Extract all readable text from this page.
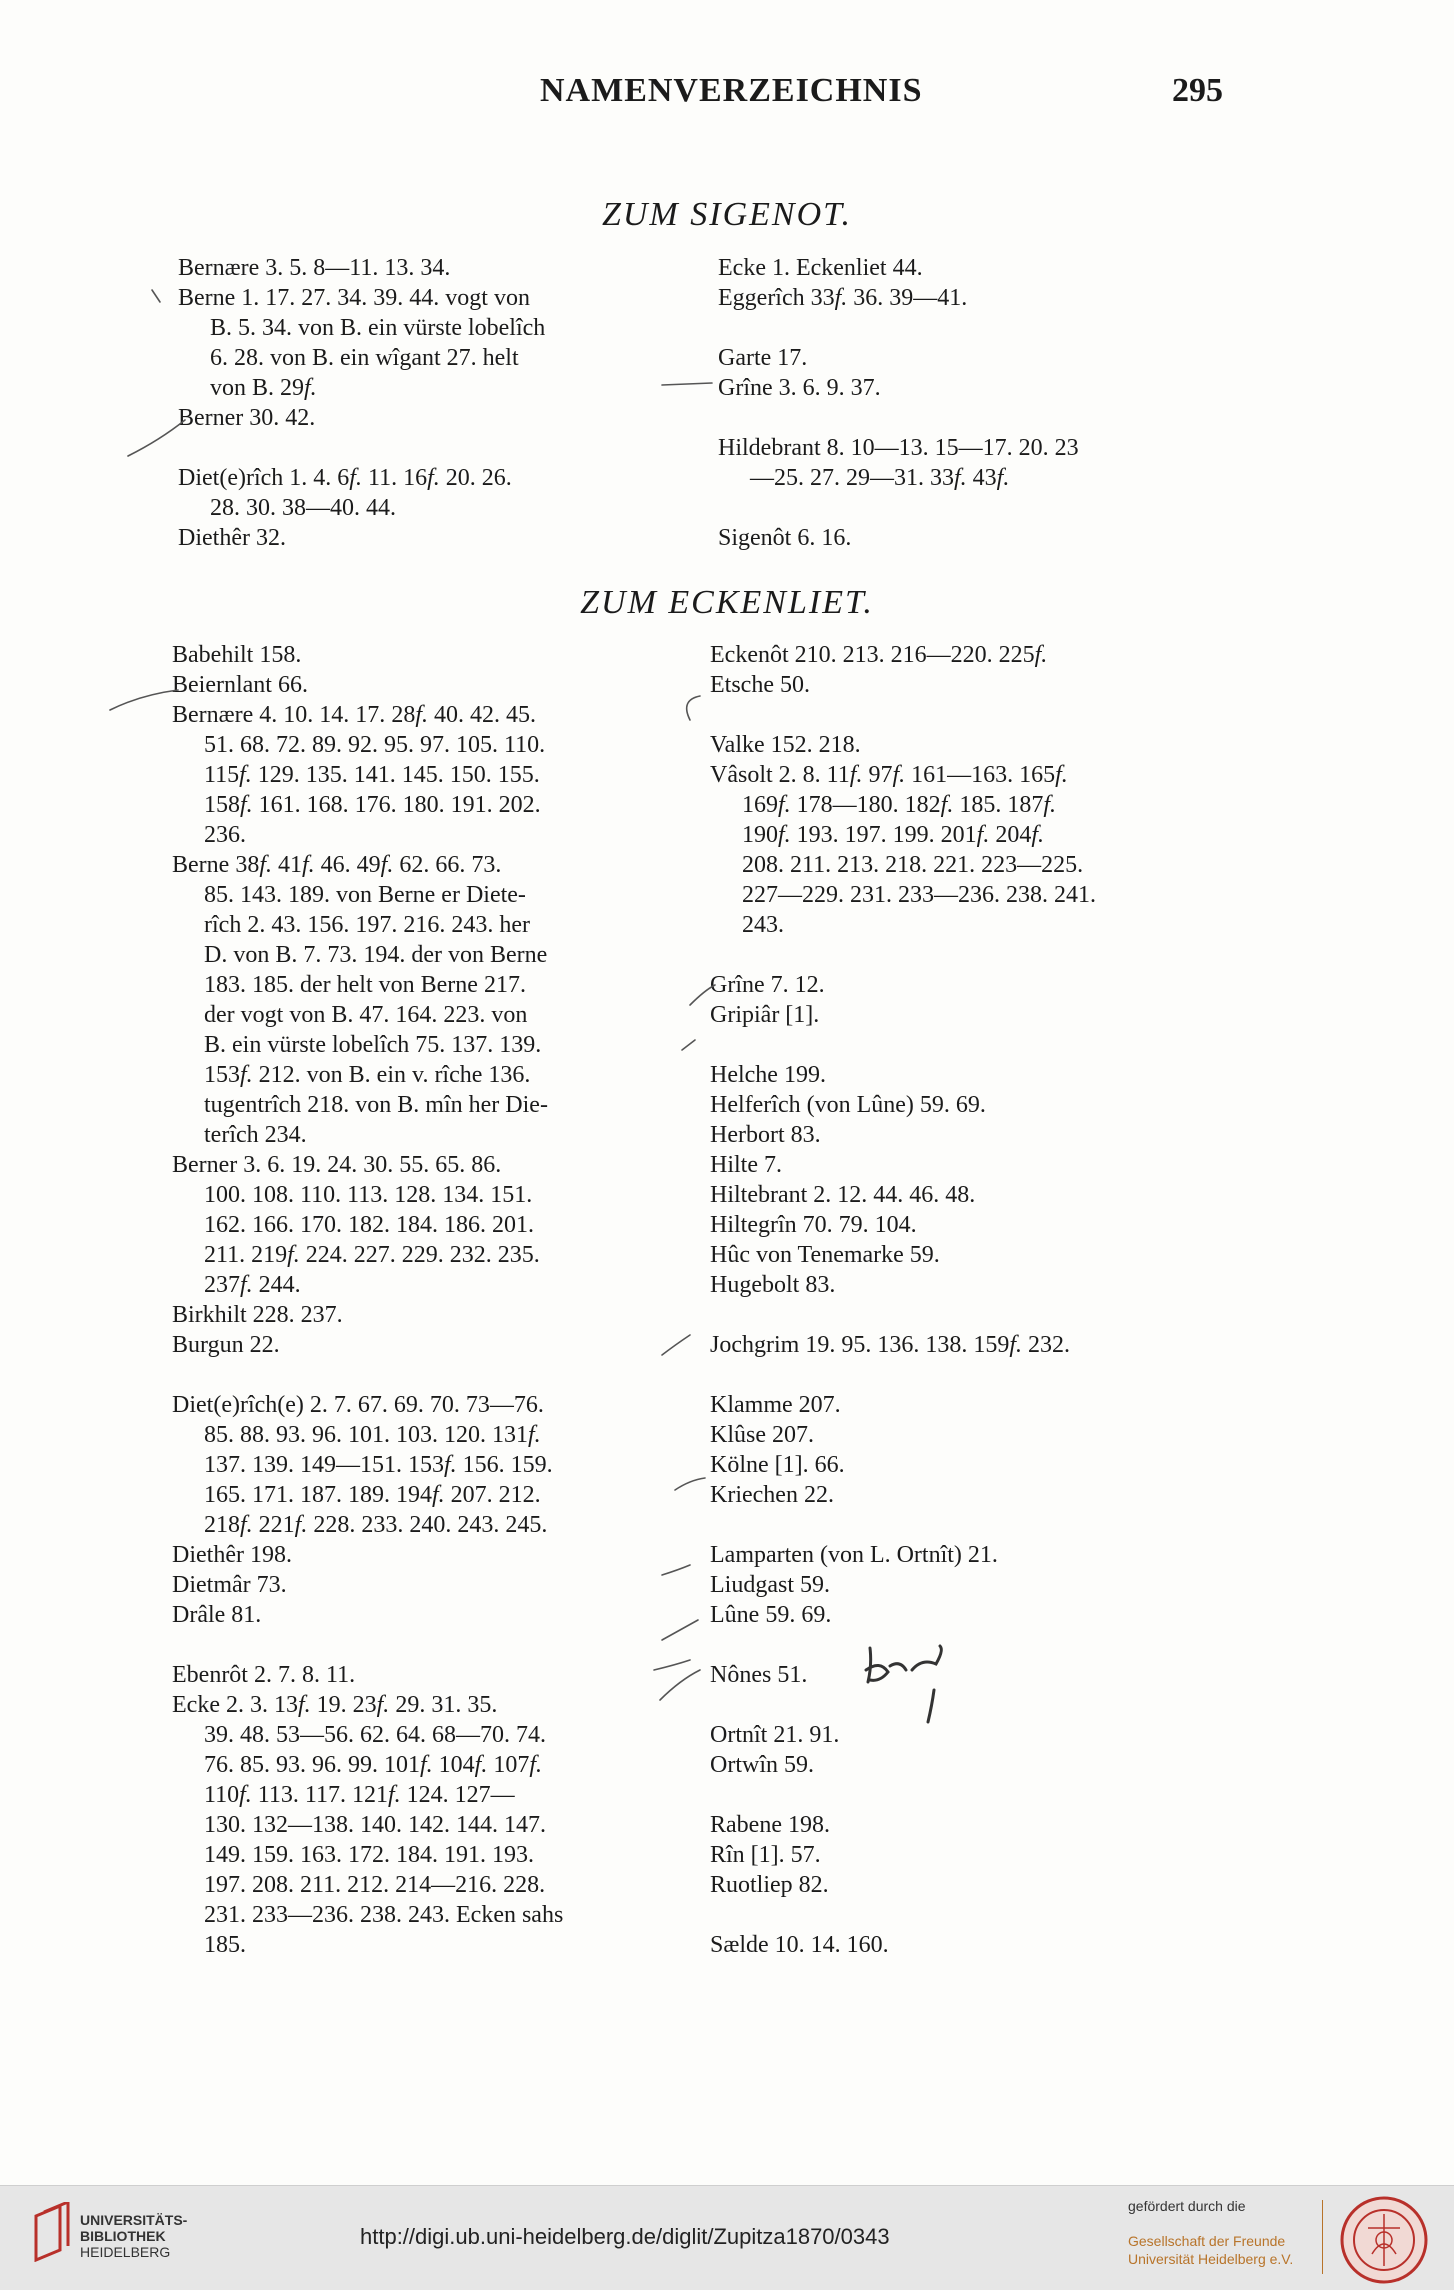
NAMENVERZEICHNIS	295
ZUM SIGENOT.
Bernære 3. 5. 8—11. 13. 34.
Berne 1. 17. 27. 34. 39. 44. vogt von
B. 5. 34. von B. ein vürste lobelîch
6. 28. von B. ein wîgant 27. helt
von B. 29f.
Berner 30. 42.
Diet(e)rîch 1. 4. 6f. 11. 16f. 20. 26.
28. 30. 38—40. 44.
Diethêr 32.
Ecke 1. Eckenliet 44.
Eggerîch 33f. 36. 39—41.
Garte 17.
Grîne 3. 6. 9. 37.
Hildebrant 8. 10—13. 15—17. 20. 23
—25. 27. 29—31. 33f. 43f.
Sigenôt 6. 16.
ZUM ECKENLIET.
Babehilt 158.
Beiernlant 66.
Bernære 4. 10. 14. 17. 28f. 40. 42. 45.
51. 68. 72. 89. 92. 95. 97. 105. 110.
115f. 129. 135. 141. 145. 150. 155.
158f. 161. 168. 176. 180. 191. 202.
236.
Berne 38f. 41f. 46. 49f. 62. 66. 73.
85. 143. 189. von Berne er Diete-
rîch 2. 43. 156. 197. 216. 243. her
D. von B. 7. 73. 194. der von Berne
183. 185. der helt von Berne 217.
der vogt von B. 47. 164. 223. von
B. ein vürste lobelîch 75. 137. 139.
153f. 212. von B. ein v. rîche 136.
tugentrîch 218. von B. mîn her Die-
terîch 234.
Berner 3. 6. 19. 24. 30. 55. 65. 86.
100. 108. 110. 113. 128. 134. 151.
162. 166. 170. 182. 184. 186. 201.
211. 219f. 224. 227. 229. 232. 235.
237f. 244.
Birkhilt 228. 237.
Burgun 22.
Diet(e)rîch(e) 2. 7. 67. 69. 70. 73—76.
85. 88. 93. 96. 101. 103. 120. 131f.
137. 139. 149—151. 153f. 156. 159.
165. 171. 187. 189. 194f. 207. 212.
218f. 221f. 228. 233. 240. 243. 245.
Diethêr 198.
Dietmâr 73.
Drâle 81.
Ebenrôt 2. 7. 8. 11.
Ecke 2. 3. 13f. 19. 23f. 29. 31. 35.
39. 48. 53—56. 62. 64. 68—70. 74.
76. 85. 93. 96. 99. 101f. 104f. 107f.
110f. 113. 117. 121f. 124. 127—
130. 132—138. 140. 142. 144. 147.
149. 159. 163. 172. 184. 191. 193.
197. 208. 211. 212. 214—216. 228.
231. 233—236. 238. 243. Ecken sahs
185.
Eckenôt 210. 213. 216—220. 225f.
Etsche 50.
Valke 152. 218.
Vâsolt 2. 8. 11f. 97f. 161—163. 165f.
169f. 178—180. 182f. 185. 187f.
190f. 193. 197. 199. 201f. 204f.
208. 211. 213. 218. 221. 223—225.
227—229. 231. 233—236. 238. 241.
243.
Grîne 7. 12.
Gripiâr [1].
Helche 199.
Helferîch (von Lûne) 59. 69.
Herbort 83.
Hilte 7.
Hiltebrant 2. 12. 44. 46. 48.
Hiltegrîn 70. 79. 104.
Hûc von Tenemarke 59.
Hugebolt 83.
Jochgrim 19. 95. 136. 138. 159f. 232.
Klamme 207.
Klûse 207.
Kölne [1]. 66.
Kriechen 22.
Lamparten (von L. Ortnît) 21.
Liudgast 59.
Lûne 59. 69.
Nônes 51.
Ortnît 21. 91.
Ortwîn 59.
Rabene 198.
Rîn [1]. 57.
Ruotliep 82.
Sælde 10. 14. 160.
UNIVERSITÄTS-
BIBLIOTHEK
HEIDELBERG
http://digi.ub.uni-heidelberg.de/diglit/Zupitza1870/0343
gefördert durch die
Gesellschaft der Freunde
Universität Heidelberg e.V.
